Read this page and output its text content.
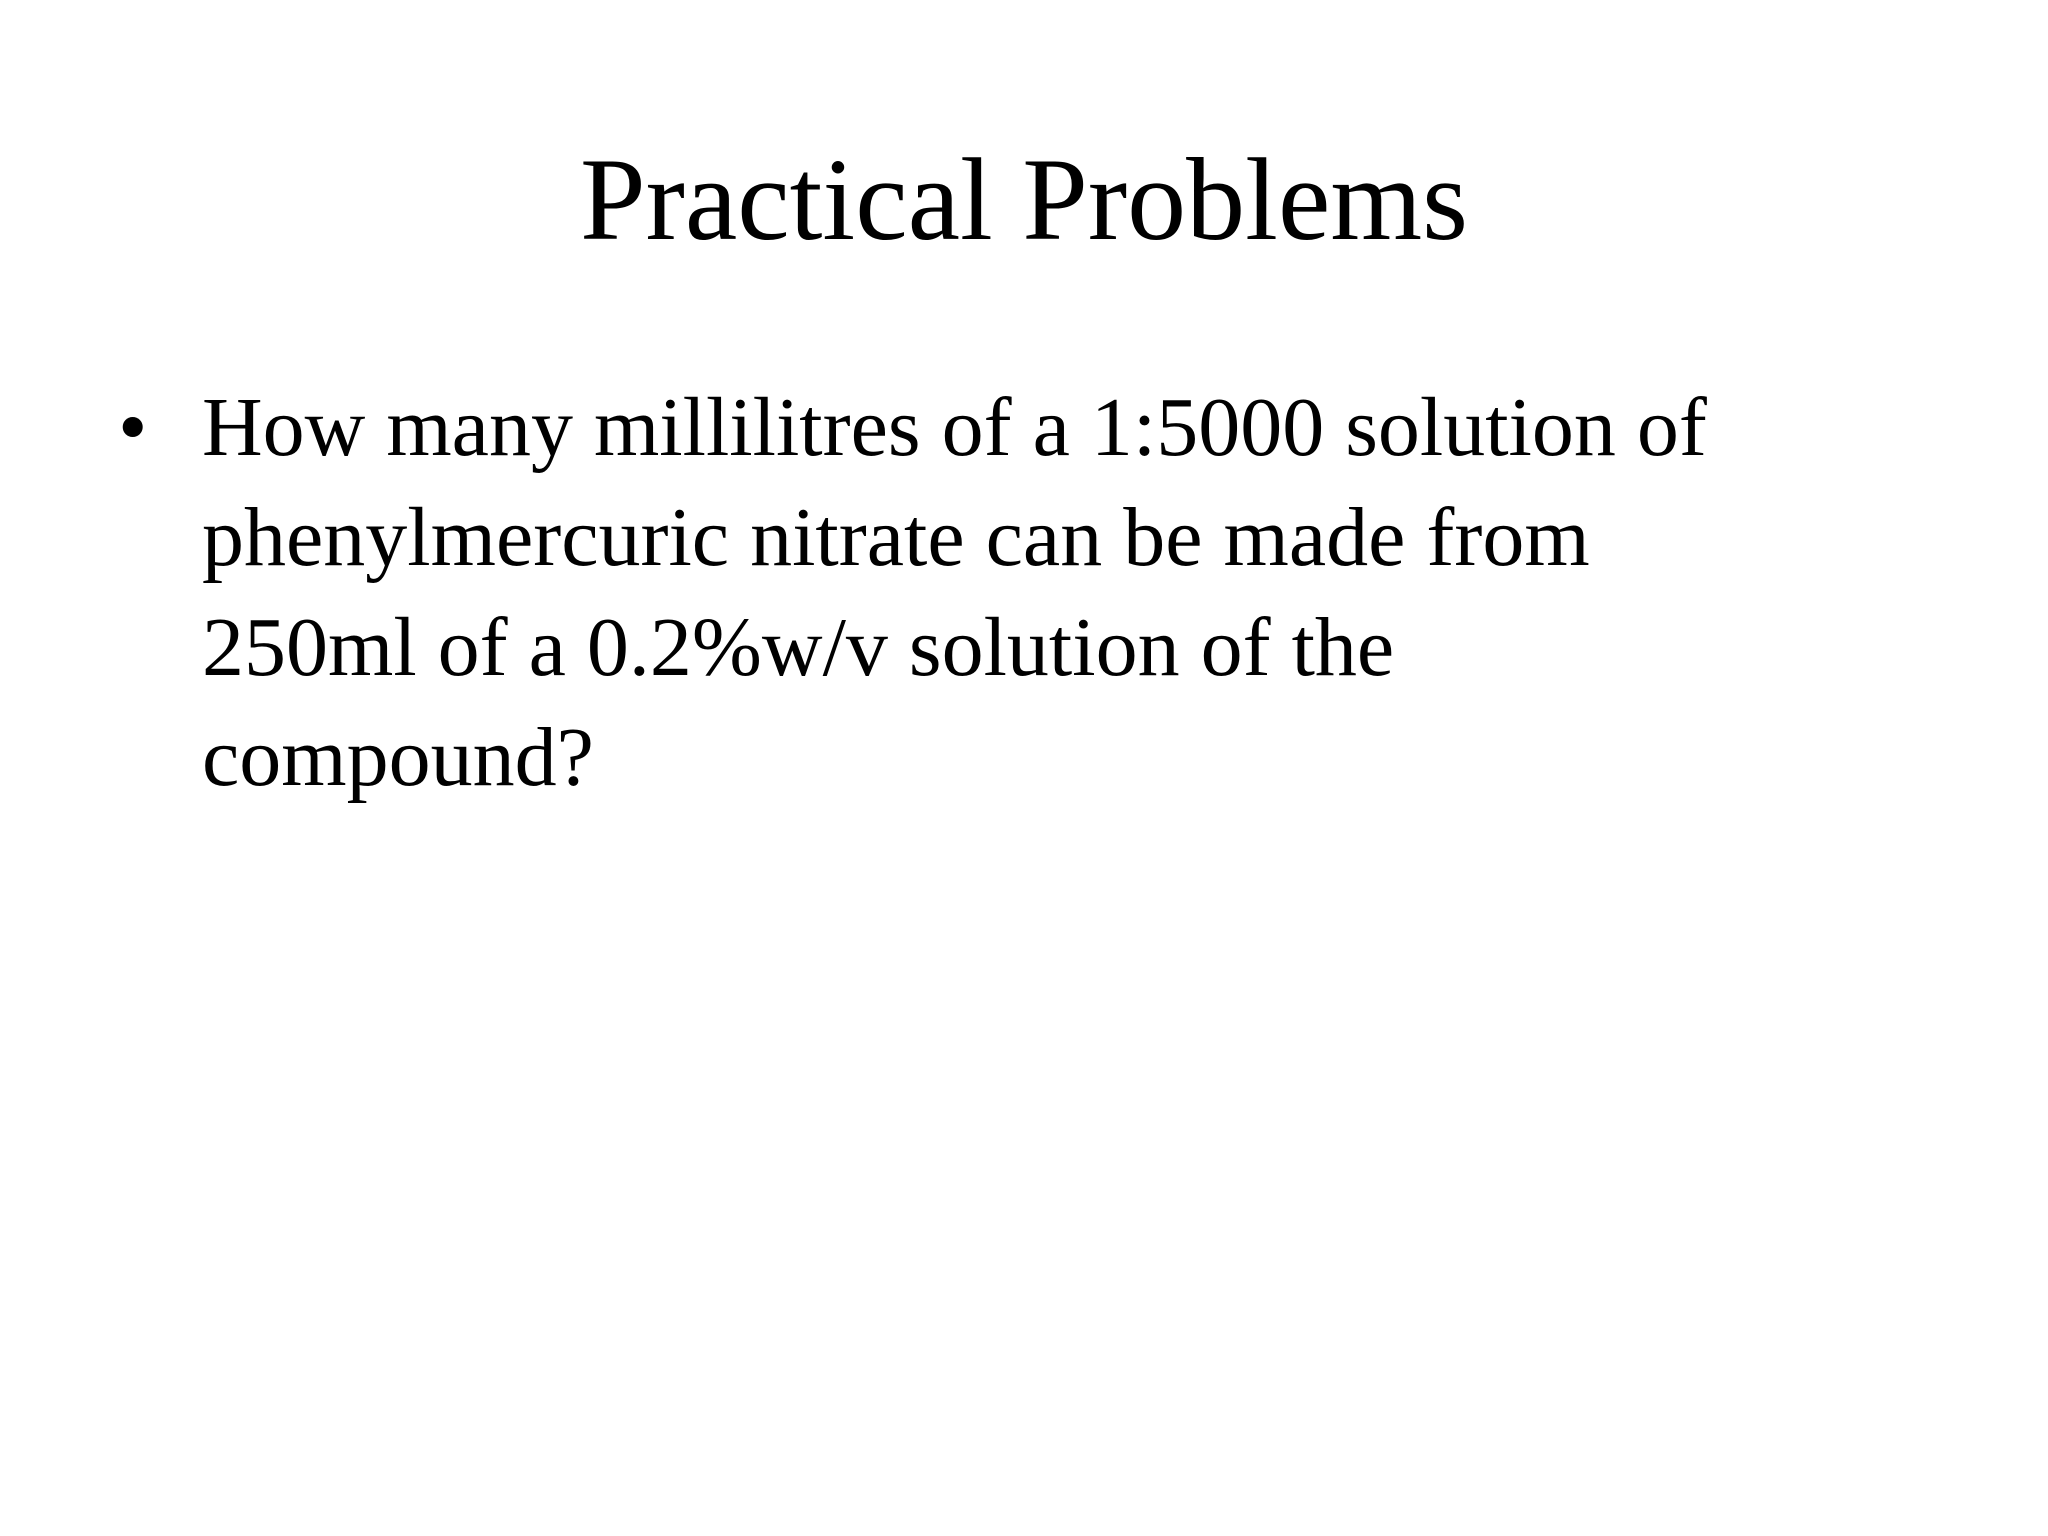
Practical Problems
• How many millilitres of a 1:5000 solution of
phenylmercuric nitrate can be made from
250ml of a 0.2%w/v solution of the
compound?
